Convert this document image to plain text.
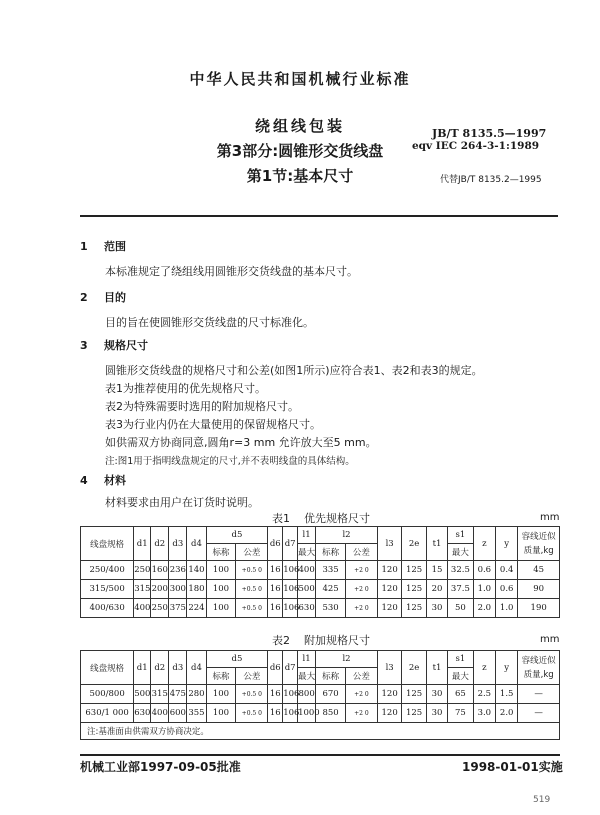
中华人民共和国机械行业标准
绕组线包装
第3部分:圆锥形交货线盘
第1节:基本尺寸
JB/T 8135.5—1997
eqv IEC 264-3-1:1989
代替JB/T 8135.2—1995
1 范围
本标准规定了绕组线用圆锥形交货线盘的基本尺寸。
2 目的
目的旨在使圆锥形交货线盘的尺寸标准化。
3 规格尺寸
圆锥形交货线盘的规格尺寸和公差(如图1所示)应符合表1、表2和表3的规定。
表1为推荐使用的优先规格尺寸。
表2为特殊需要时选用的附加规格尺寸。
表3为行业内仍在大量使用的保留规格尺寸。
如供需双方协商同意,圆角r=3 mm 允许放大至5 mm。
注:图1用于指明线盘规定的尺寸,并不表明线盘的具体结构。
4 材料
材料要求由用户在订货时说明。
表1 优先规格尺寸	mm
线盘规格	d1	d2	d3	d4	d5		d6	d7	l1	l2		l3	2e	t1	s1	z	y	容线近似质量,kg
					标称	公差			最大	标称	公差				最大			
250/400	250	160	236	140	100	+0.5 0	16	106	400	335	+2 0	120	125	15	32.5	0.6	0.4	45
315/500	315	200	300	180	100	+0.5 0	16	106	500	425	+2 0	120	125	20	37.5	1.0	0.6	90
400/630	400	250	375	224	100	+0.5 0	16	106	630	530	+2 0	120	125	30	50	2.0	1.0	190
表2 附加规格尺寸	mm
线盘规格	d1	d2	d3	d4	d5		d6	d7	l1	l2		l3	2e	t1	s1	z	y	容线近似质量,kg
					标称	公差			最大	标称	公差				最大			
500/800	500	315	475	280	100	+0.5 0	16	106	800	670	+2 0	120	125	30	65	2.5	1.5	—
630/1 000	630	400	600	355	100	+0.5 0	16	106	1000	850	+2 0	120	125	30	75	3.0	2.0	—
注:基准面由供需双方协商决定。																		
机械工业部1997-09-05批准	1998-01-01实施
519
